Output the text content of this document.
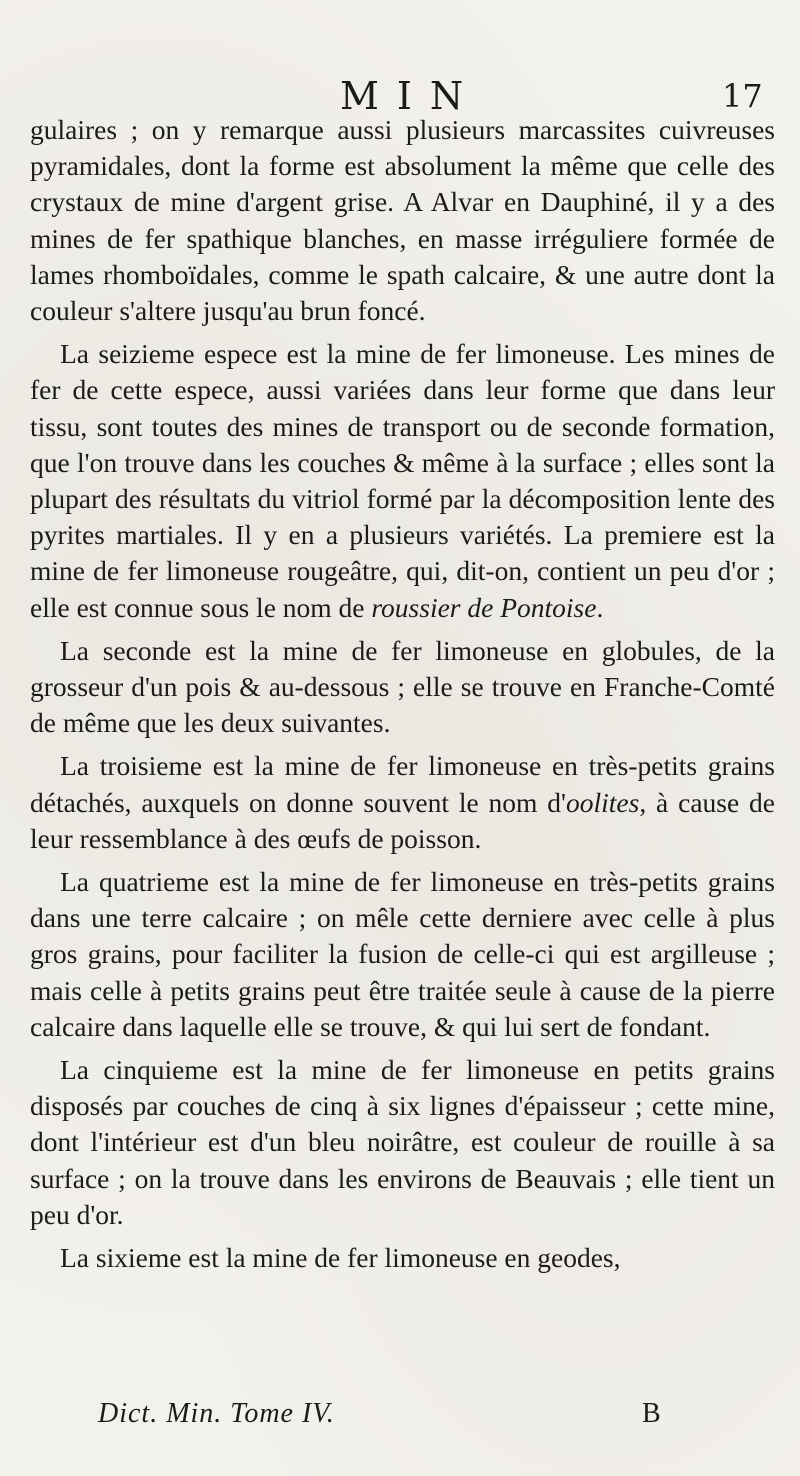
MIN	17

gulaires ; on y remarque aussi plusieurs marcassites cuivreuses pyramidales, dont la forme est absolument la même que celle des crystaux de mine d'argent grise. A Alvar en Dauphiné, il y a des mines de fer spathique blanches, en masse irréguliere formée de lames rhomboïdales, comme le spath calcaire, & une autre dont la couleur s'altere jusqu'au brun foncé.

La seizieme espece est la mine de fer limoneuse. Les mines de fer de cette espece, aussi variées dans leur forme que dans leur tissu, sont toutes des mines de transport ou de seconde formation, que l'on trouve dans les couches & même à la surface ; elles sont la plupart des résultats du vitriol formé par la décomposition lente des pyrites martiales. Il y en a plusieurs variétés. La premiere est la mine de fer limoneuse rougeâtre, qui, dit-on, contient un peu d'or ; elle est connue sous le nom de roussier de Pontoise.

La seconde est la mine de fer limoneuse en globules, de la grosseur d'un pois & au-dessous ; elle se trouve en Franche-Comté de même que les deux suivantes.

La troisieme est la mine de fer limoneuse en très-petits grains détachés, auxquels on donne souvent le nom d'oolites, à cause de leur ressemblance à des œufs de poisson.

La quatrieme est la mine de fer limoneuse en très-petits grains dans une terre calcaire ; on mêle cette derniere avec celle à plus gros grains, pour faciliter la fusion de celle-ci qui est argilleuse ; mais celle à petits grains peut être traitée seule à cause de la pierre calcaire dans laquelle elle se trouve, & qui lui sert de fondant.

La cinquieme est la mine de fer limoneuse en petits grains disposés par couches de cinq à six lignes d'épaisseur ; cette mine, dont l'intérieur est d'un bleu noirâtre, est couleur de rouille à sa surface ; on la trouve dans les environs de Beauvais ; elle tient un peu d'or.

La sixieme est la mine de fer limoneuse en geodes,

Dict. Min. Tome IV.	B
